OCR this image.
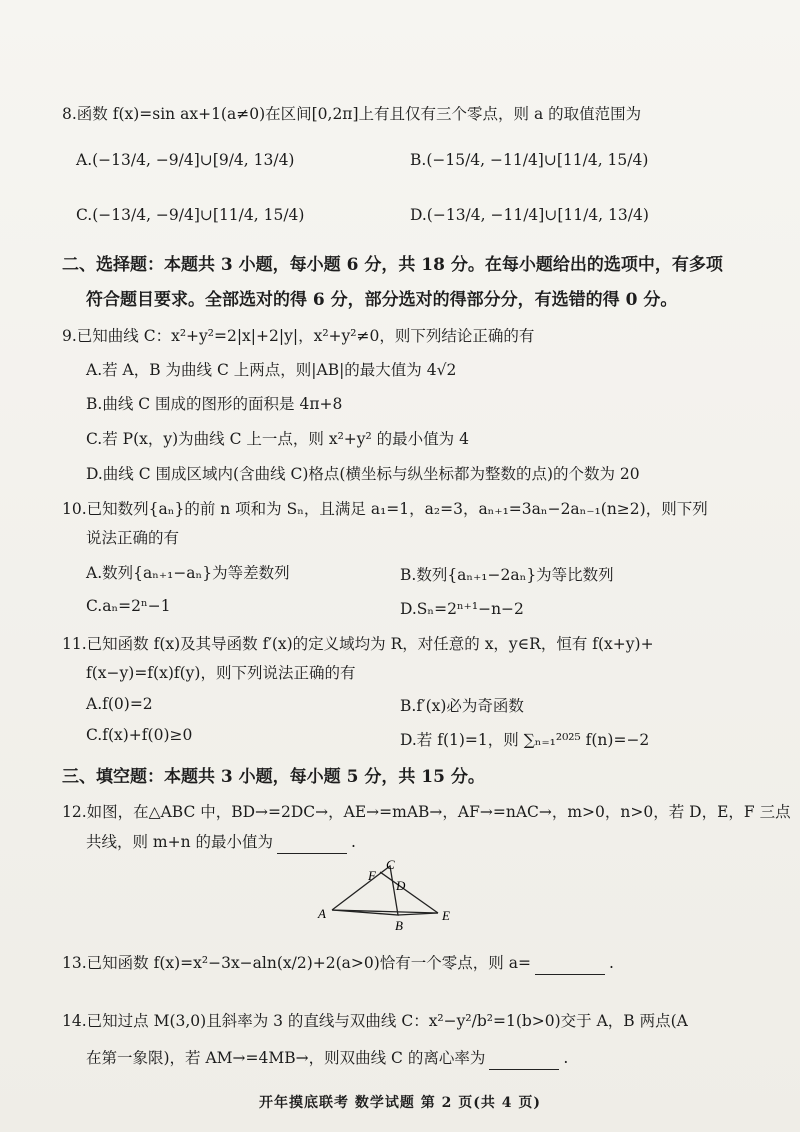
8.函数 f(x)=sin ax+1(a≠0)在区间[0,2π]上有且仅有三个零点，则 a 的取值范围为
A.(−13/4, −9/4]∪[9/4, 13/4)	B.(−15/4, −11/4]∪[11/4, 15/4)
C.(−13/4, −9/4]∪[11/4, 15/4)	D.(−13/4, −11/4]∪[11/4, 13/4)
二、选择题：本题共 3 小题，每小题 6 分，共 18 分。在每小题给出的选项中，有多项
符合题目要求。全部选对的得 6 分，部分选对的得部分分，有选错的得 0 分。
9.已知曲线 C：x²+y²=2|x|+2|y|，x²+y²≠0，则下列结论正确的有
A.若 A，B 为曲线 C 上两点，则|AB|的最大值为 4√2
B.曲线 C 围成的图形的面积是 4π+8
C.若 P(x，y)为曲线 C 上一点，则 x²+y² 的最小值为 4
D.曲线 C 围成区域内(含曲线 C)格点(横坐标与纵坐标都为整数的点)的个数为 20
10.已知数列{aₙ}的前 n 项和为 Sₙ，且满足 a₁=1，a₂=3，aₙ₊₁=3aₙ−2aₙ₋₁(n≥2)，则下列
说法正确的有
A.数列{aₙ₊₁−aₙ}为等差数列	B.数列{aₙ₊₁−2aₙ}为等比数列
C.aₙ=2ⁿ−1	D.Sₙ=2ⁿ⁺¹−n−2
11.已知函数 f(x)及其导函数 f′(x)的定义域均为 R，对任意的 x，y∈R，恒有 f(x+y)+
f(x−y)=f(x)f(y)，则下列说法正确的有
A.f(0)=2	B.f′(x)必为奇函数
C.f(x)+f(0)≥0	D.若 f(1)=1，则 ∑ₙ₌₁²⁰²⁵ f(n)=−2
三、填空题：本题共 3 小题，每小题 5 分，共 15 分。
12.如图，在△ABC 中，BD→=2DC→，AE→=mAB→，AF→=nAC→，m>0，n>0，若 D，E，F 三点
共线，则 m+n 的最小值为	.
A
B
C
D
E
F
13.已知函数 f(x)=x²−3x−aln(x/2)+2(a>0)恰有一个零点，则 a=	.
14.已知过点 M(3,0)且斜率为 3 的直线与双曲线 C：x²−y²/b²=1(b>0)交于 A，B 两点(A
在第一象限)，若 AM→=4MB→，则双曲线 C 的离心率为	.
开年摸底联考 数学试题 第 2 页(共 4 页)
